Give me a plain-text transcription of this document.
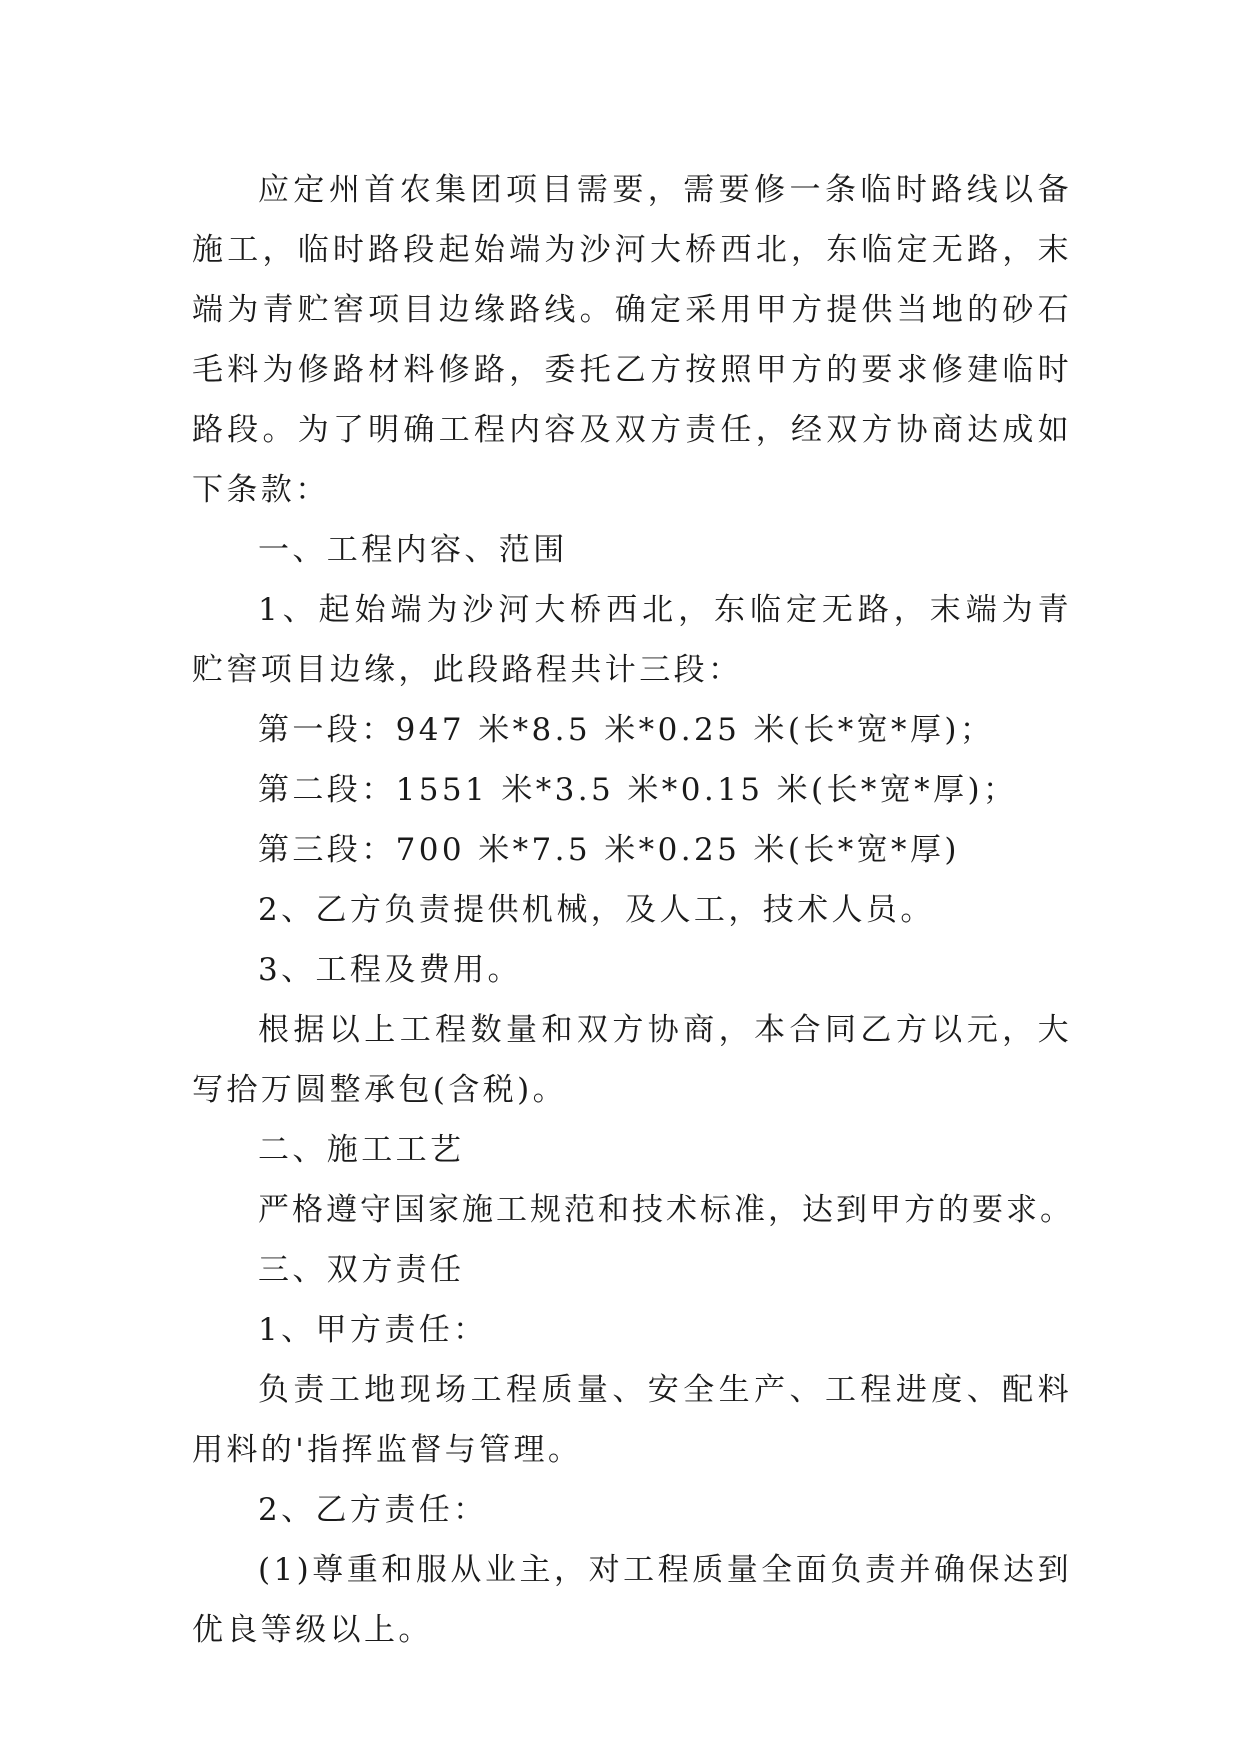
应定州首农集团项目需要，需要修一条临时路线以备施工，临时路段起始端为沙河大桥西北，东临定无路，末端为青贮窖项目边缘路线。确定采用甲方提供当地的砂石毛料为修路材料修路，委托乙方按照甲方的要求修建临时路段。为了明确工程内容及双方责任，经双方协商达成如下条款：

一、工程内容、范围

1、起始端为沙河大桥西北，东临定无路，末端为青贮窖项目边缘，此段路程共计三段：

第一段：947 米*8.5 米*0.25 米(长*宽*厚)；

第二段：1551 米*3.5 米*0.15 米(长*宽*厚)；

第三段：700 米*7.5 米*0.25 米(长*宽*厚)

2、乙方负责提供机械，及人工，技术人员。

3、工程及费用。

根据以上工程数量和双方协商，本合同乙方以元，大写拾万圆整承包(含税)。

二、施工工艺

严格遵守国家施工规范和技术标准，达到甲方的要求。

三、双方责任

1、甲方责任：

负责工地现场工程质量、安全生产、工程进度、配料用料的'指挥监督与管理。

2、乙方责任：

(1)尊重和服从业主，对工程质量全面负责并确保达到优良等级以上。
